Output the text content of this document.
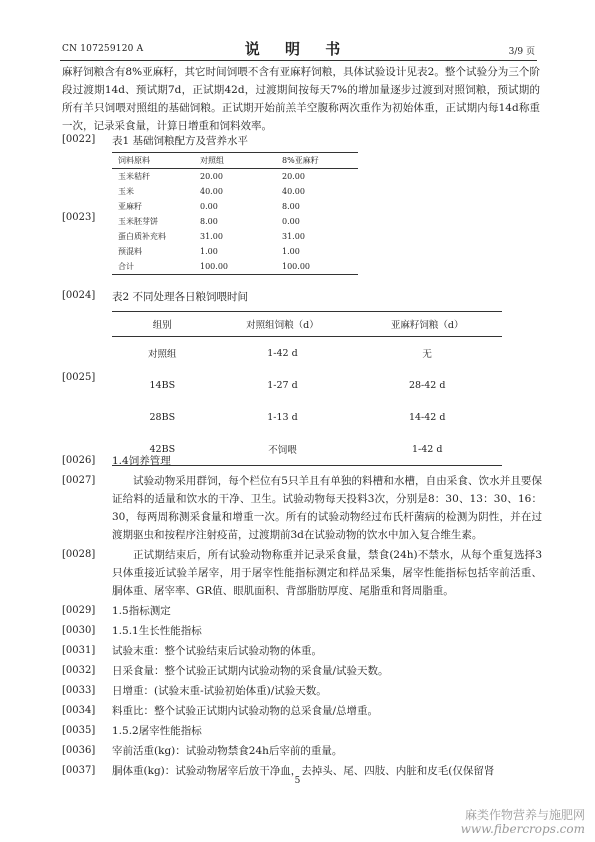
CN 107259120 A	说 明 书	3/9 页
麻籽饲粮含有8%亚麻籽，其它时间饲喂不含有亚麻籽饲粮，具体试验设计见表2。整个试验分为三个阶段过渡期14d、预试期7d，正试期42d，过渡期间按每天7%的增加量逐步过渡到对照饲粮，预试期的所有羊只饲喂对照组的基础饲粮。正试期开始前羔羊空腹称两次重作为初始体重，正试期内每14d称重一次，记录采食量，计算日增重和饲料效率。
[0022] 表1 基础饲粮配方及营养水平
[0023]
饲料原料	对照组	8%亚麻籽
玉米秸秆	20.00	20.00
玉米	40.00	40.00
亚麻籽	0.00	8.00
玉米胚芽饼	8.00	0.00
蛋白质补充料	31.00	31.00
预混料	1.00	1.00
合计	100.00	100.00
[0024] 表2 不同处理各日粮饲喂时间
[0025]
组别	对照组饲粮（d）	亚麻籽饲粮（d）
对照组	1-42 d	无
14BS	1-27 d	28-42 d
28BS	1-13 d	14-42 d
42BS	不饲喂	1-42 d
[0026]	1.4饲养管理
[0027]	试验动物采用群饲，每个栏位有5只羊且有单独的料槽和水槽，自由采食、饮水并且要保证给料的适量和饮水的干净、卫生。试验动物每天投料3次，分别是8：30、13：30、16：30，每两周称测采食量和增重一次。所有的试验动物经过布氏杆菌病的检测为阴性，并在过渡期驱虫和按程序注射疫苗，过渡期前3d在试验动物的饮水中加入复合维生素。
[0028]	正试期结束后，所有试验动物称重并记录采食量，禁食(24h)不禁水，从每个重复选择3只体重接近试验羊屠宰，用于屠宰性能指标测定和样品采集，屠宰性能指标包括宰前活重、胴体重、屠宰率、GR值、眼肌面积、背部脂肪厚度、尾脂重和肾周脂重。
[0029]	1.5指标测定
[0030]	1.5.1生长性能指标
[0031]	试验末重：整个试验结束后试验动物的体重。
[0032]	日采食量：整个试验正试期内试验动物的采食量/试验天数。
[0033]	日增重：(试验末重-试验初始体重)/试验天数。
[0034]	料重比：整个试验正试期内试验动物的总采食量/总增重。
[0035]	1.5.2屠宰性能指标
[0036]	宰前活重(kg)：试验动物禁食24h后宰前的重量。
[0037]	胴体重(kg)：试验动物屠宰后放干净血，去掉头、尾、四肢、内脏和皮毛(仅保留肾
5
麻类作物营养与施肥网
www.fibercrops.com
